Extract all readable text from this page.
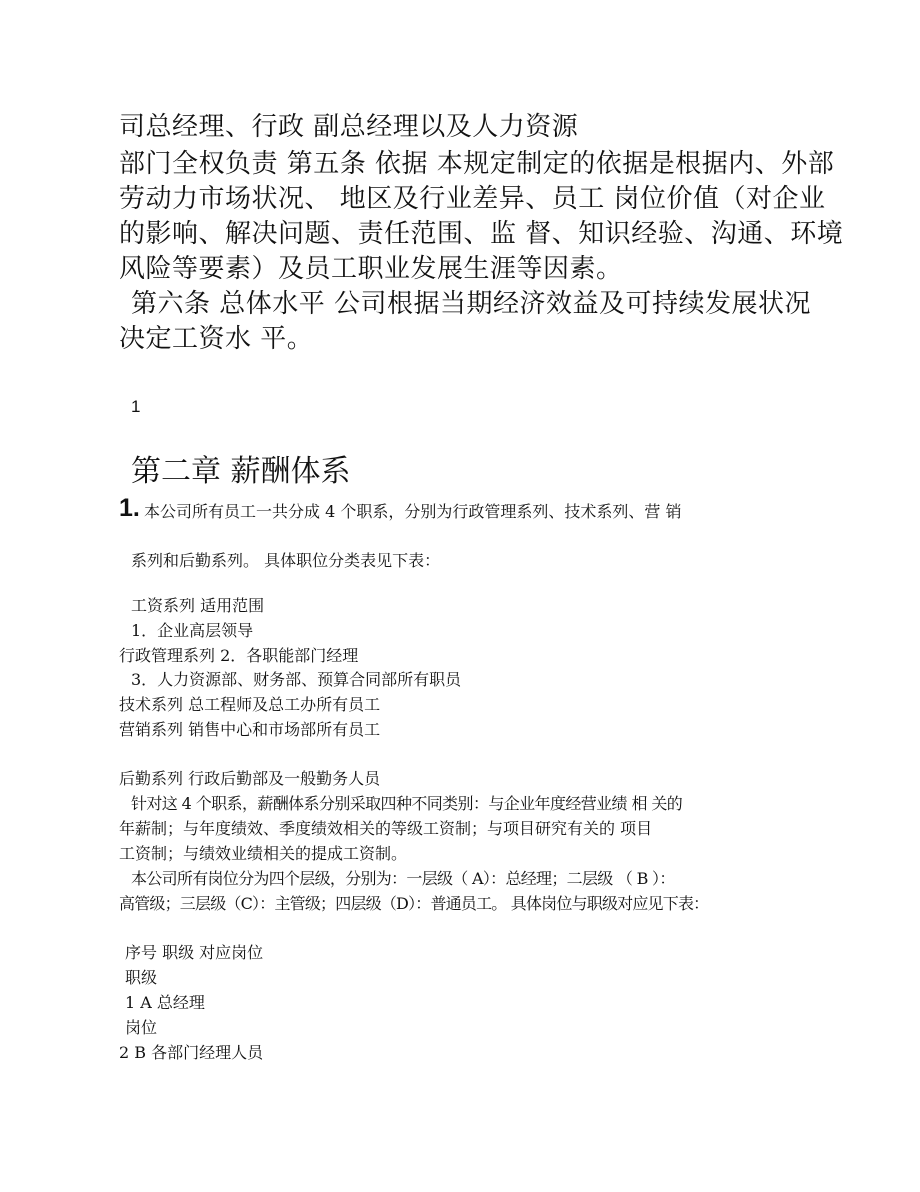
司总经理、行政 副总经理以及人力资源

部门全权负责 第五条 依据 本规定制定的依据是根据内、外部

劳动力市场状况、 地区及行业差异、员工 岗位价值（对企业

的影响、解决问题、责任范围、监 督、知识经验、沟通、环境

风险等要素）及员工职业发展生涯等因素。

第六条 总体水平 公司根据当期经济效益及可持续发展状况

决定工资水 平。

1

第二章 薪酬体系

1. 本公司所有员工一共分成 4 个职系，分别为行政管理系列、技术系列、营 销

系列和后勤系列。 具体职位分类表见下表：

工资系列 适用范围

1．企业高层领导

行政管理系列 2．各职能部门经理

3．人力资源部、财务部、预算合同部所有职员

技术系列 总工程师及总工办所有员工

营销系列 销售中心和市场部所有员工

后勤系列 行政后勤部及一般勤务人员

针对这 4 个职系，薪酬体系分别采取四种不同类别：与企业年度经营业绩 相 关的

年薪制；与年度绩效、季度绩效相关的等级工资制；与项目研究有关的 项目

工资制；与绩效业绩相关的提成工资制。

本公司所有岗位分为四个层级，分别为：一层级（ A）：总经理；二层级 （ B ）：

高管级；三层级（C）：主管级；四层级（D）：普通员工。 具体岗位与职级对应见下表：

序号 职级 对应岗位

职级

1 A 总经理

岗位

2 B 各部门经理人员
